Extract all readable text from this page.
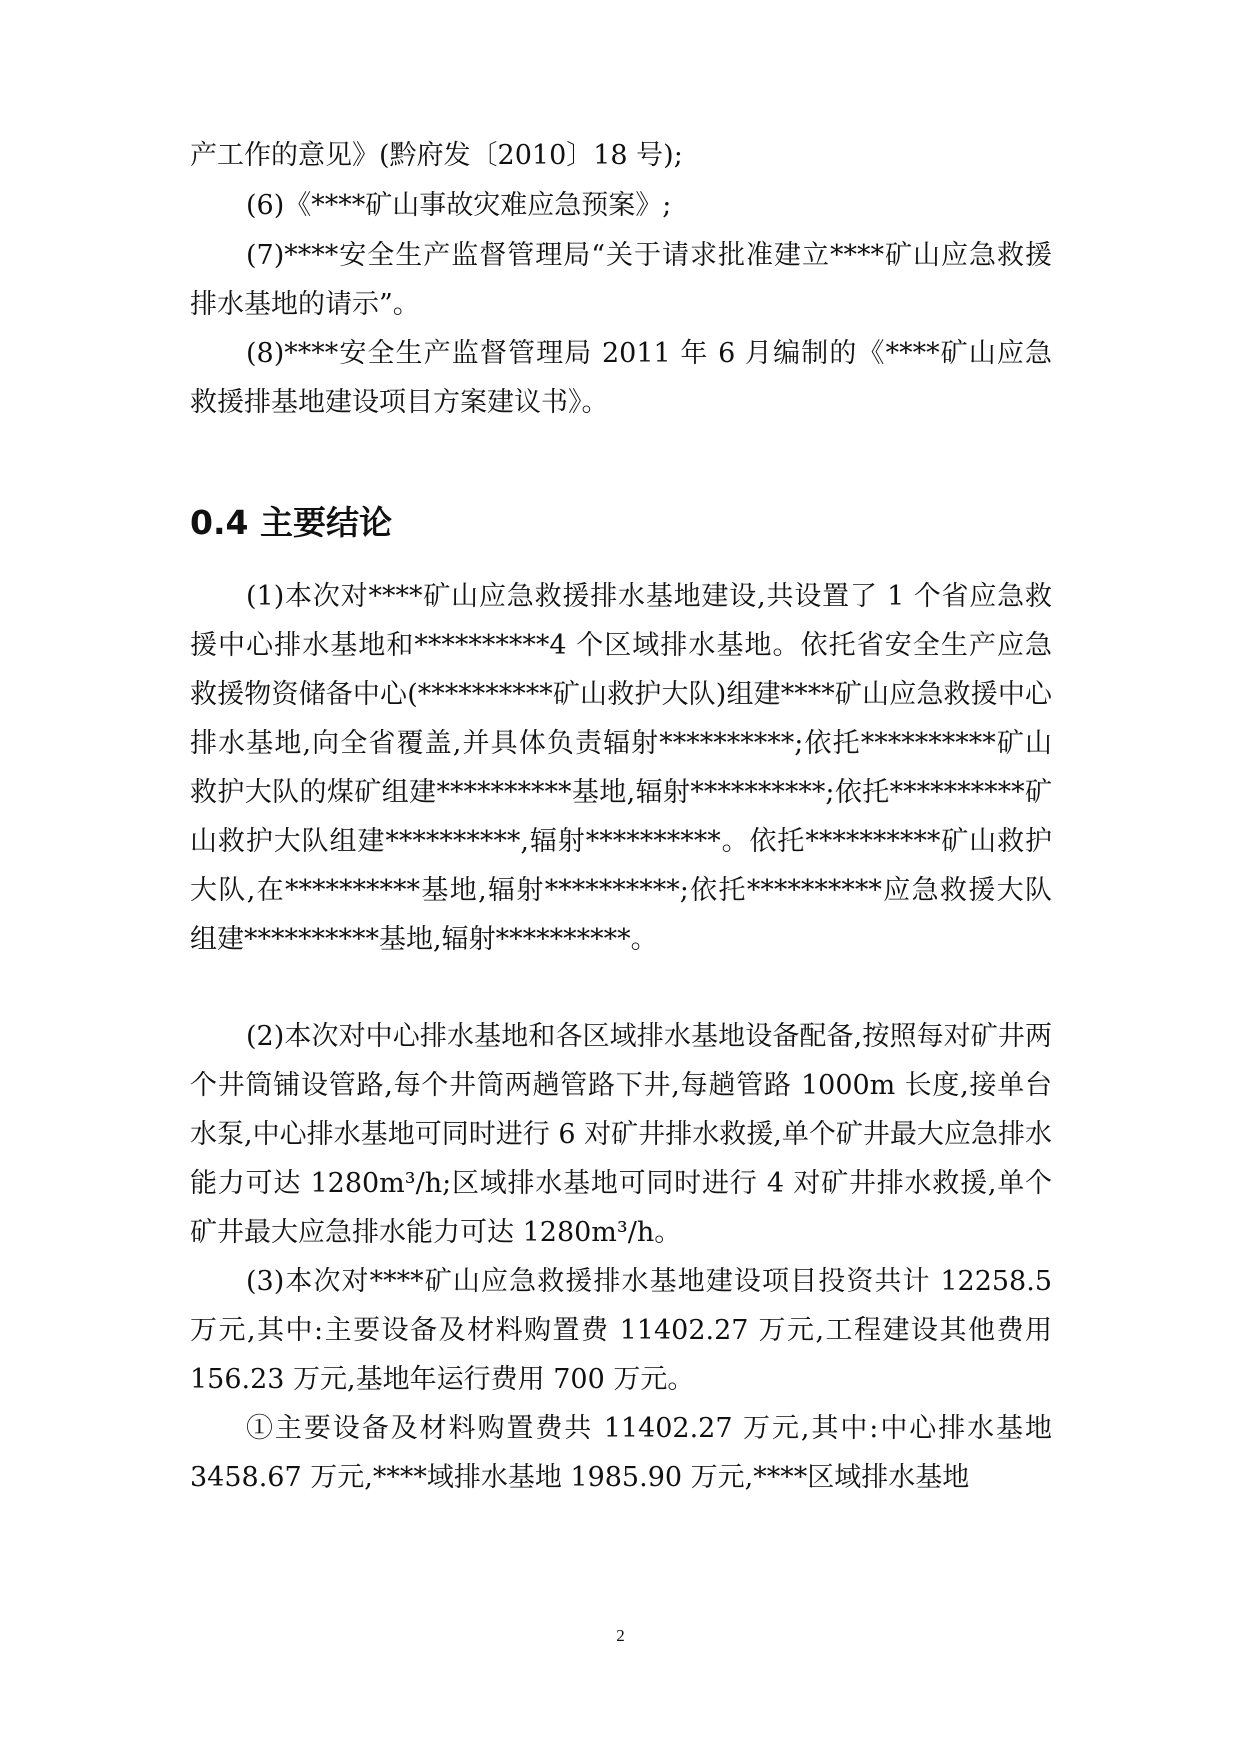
产工作的意见》(黔府发〔2010〕18 号);

(6)《****矿山事故灾难应急预案》;

(7)****安全生产监督管理局“关于请求批准建立****矿山应急救援排水基地的请示”。

(8)****安全生产监督管理局 2011 年 6 月编制的《****矿山应急救援排基地建设项目方案建议书》。

0.4 主要结论

(1)本次对****矿山应急救援排水基地建设,共设置了 1 个省应急救援中心排水基地和**********4 个区域排水基地。依托省安全生产应急救援物资储备中心(**********矿山救护大队)组建****矿山应急救援中心排水基地,向全省覆盖,并具体负责辐射**********;依托**********矿山救护大队的煤矿组建**********基地,辐射**********;依托**********矿山救护大队组建**********,辐射**********。依托**********矿山救护大队,在**********基地,辐射**********;依托**********应急救援大队组建**********基地,辐射**********。

(2)本次对中心排水基地和各区域排水基地设备配备,按照每对矿井两个井筒铺设管路,每个井筒两趟管路下井,每趟管路 1000m 长度,接单台水泵,中心排水基地可同时进行 6 对矿井排水救援,单个矿井最大应急排水能力可达 1280m³/h;区域排水基地可同时进行 4 对矿井排水救援,单个矿井最大应急排水能力可达 1280m³/h。

(3)本次对****矿山应急救援排水基地建设项目投资共计 12258.5 万元,其中:主要设备及材料购置费 11402.27 万元,工程建设其他费用 156.23 万元,基地年运行费用 700 万元。

①主要设备及材料购置费共 11402.27 万元,其中:中心排水基地 3458.67 万元,****域排水基地 1985.90 万元,****区域排水基地

2
